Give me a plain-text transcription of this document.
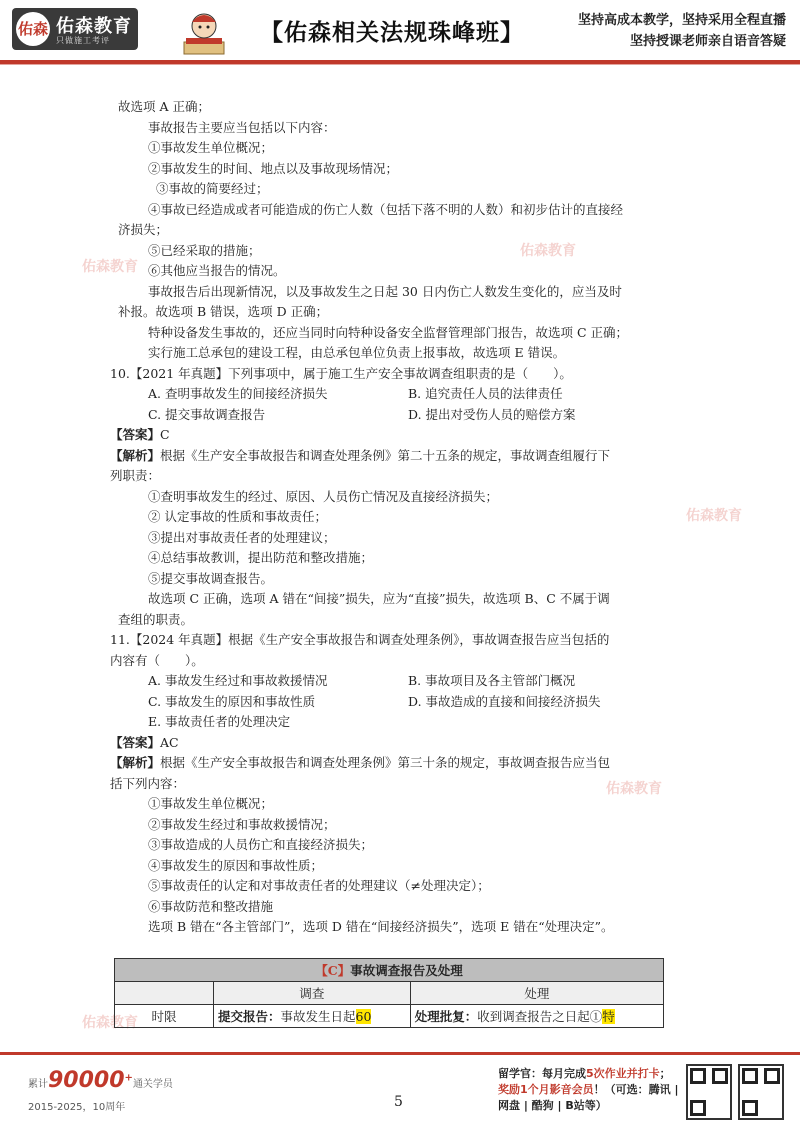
佑森 佑森教育
只做施工考评	【佑森相关法规珠峰班】	坚持高成本教学，坚持采用全程直播
坚持授课老师亲自语音答疑
佑森教育
佑森教育
佑森教育
佑森教育
佑森教育
故选项 A 正确；
事故报告主要应当包括以下内容：
①事故发生单位概况；
②事故发生的时间、地点以及事故现场情况；
③事故的简要经过；
④事故已经造成或者可能造成的伤亡人数（包括下落不明的人数）和初步估计的直接经
济损失；
⑤已经采取的措施；
⑥其他应当报告的情况。
事故报告后出现新情况，以及事故发生之日起 30 日内伤亡人数发生变化的，应当及时
补报。故选项 B 错误，选项 D 正确；
特种设备发生事故的，还应当同时向特种设备安全监督管理部门报告，故选项 C 正确；
实行施工总承包的建设工程，由总承包单位负责上报事故，故选项 E 错误。
10.【2021 年真题】下列事项中，属于施工生产安全事故调查组职责的是（　　）。
A. 查明事故发生的间接经济损失	B. 追究责任人员的法律责任
C. 提交事故调查报告	D. 提出对受伤人员的赔偿方案
【答案】C
【解析】根据《生产安全事故报告和调查处理条例》第二十五条的规定，事故调查组履行下
列职责：
①查明事故发生的经过、原因、人员伤亡情况及直接经济损失；
② 认定事故的性质和事故责任；
③提出对事故责任者的处理建议；
④总结事故教训，提出防范和整改措施；
⑤提交事故调查报告。
故选项 C 正确，选项 A 错在“间接”损失，应为“直接”损失，故选项 B、C 不属于调
查组的职责。
11.【2024 年真题】根据《生产安全事故报告和调查处理条例》，事故调查报告应当包括的
内容有（　　）。
A. 事故发生经过和事故救援情况	B. 事故项目及各主管部门概况
C. 事故发生的原因和事故性质	D. 事故造成的直接和间接经济损失
E. 事故责任者的处理决定
【答案】AC
【解析】根据《生产安全事故报告和调查处理条例》第三十条的规定，事故调查报告应当包
括下列内容：
①事故发生单位概况；
②事故发生经过和事故救援情况；
③事故造成的人员伤亡和直接经济损失；
④事故发生的原因和事故性质；
⑤事故责任的认定和对事故责任者的处理建议（≠处理决定）；
⑥事故防范和整改措施
选项 B 错在“各主管部门”，选项 D 错在“间接经济损失”，选项 E 错在“处理决定”。
【C】事故调查报告及处理		
	调查	处理
时限	提交报告：事故发生日起60	处理批复：收到调查报告之日起①特
累计90000+通关学员
2015-2025，10周年	5
留学官：每月完成5次作业并打卡；
奖励1个月影音会员！（可选：腾讯 |
网盘 | 酷狗 | B站等）
